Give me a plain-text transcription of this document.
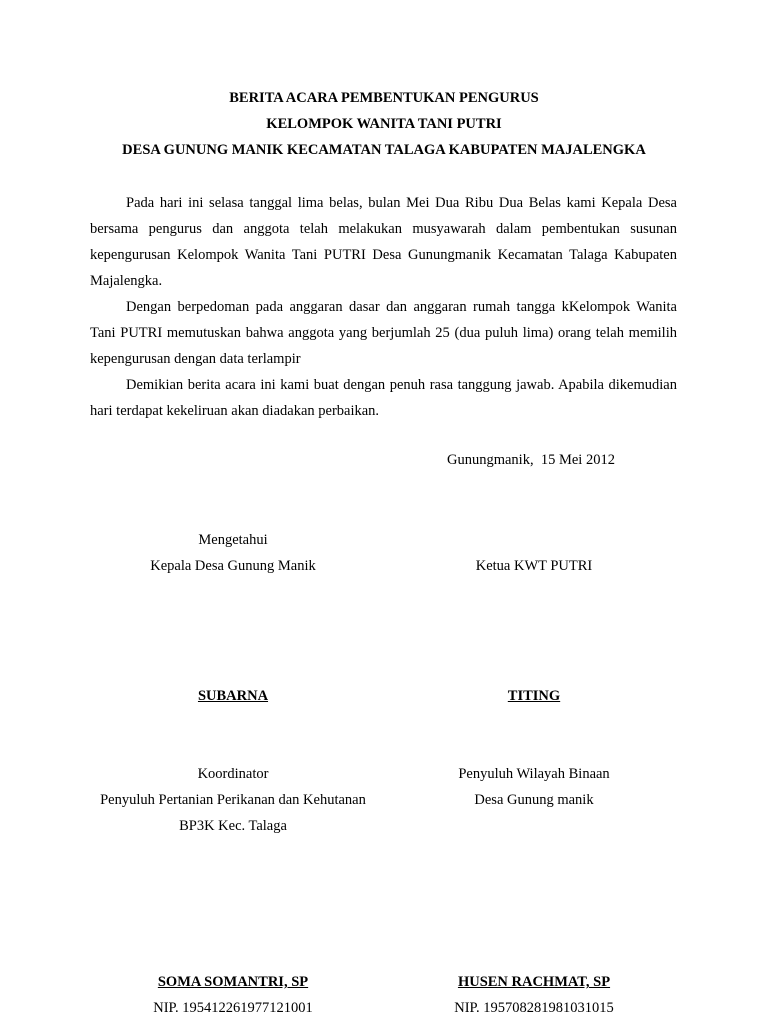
BERITA ACARA PEMBENTUKAN PENGURUS
KELOMPOK WANITA TANI PUTRI
DESA GUNUNG MANIK KECAMATAN TALAGA KABUPATEN MAJALENGKA

Pada hari ini selasa tanggal lima belas, bulan Mei Dua Ribu Dua Belas kami Kepala Desa bersama pengurus dan anggota telah melakukan musyawarah dalam pembentukan susunan kepengurusan Kelompok Wanita Tani PUTRI Desa Gunungmanik Kecamatan Talaga Kabupaten Majalengka.

Dengan berpedoman pada anggaran dasar dan anggaran rumah tangga kKelompok Wanita Tani PUTRI memutuskan bahwa anggota yang berjumlah 25 (dua puluh lima) orang telah memilih kepengurusan dengan data terlampir

Demikian berita acara ini kami buat dengan penuh rasa tanggung jawab. Apabila dikemudian hari terdapat kekeliruan akan diadakan perbaikan.

Gunungmanik,  15 Mei 2012
Mengetahui
Kepala Desa Gunung Manik	Ketua KWT PUTRI
SUBARNA	TITING
Koordinator
Penyuluh Pertanian Perikanan dan Kehutanan
BP3K Kec. Talaga
Penyuluh Wilayah Binaan
Desa Gunung manik
SOMA SOMANTRI, SP	HUSEN RACHMAT, SP
NIP. 195412261977121001	NIP. 195708281981031015
